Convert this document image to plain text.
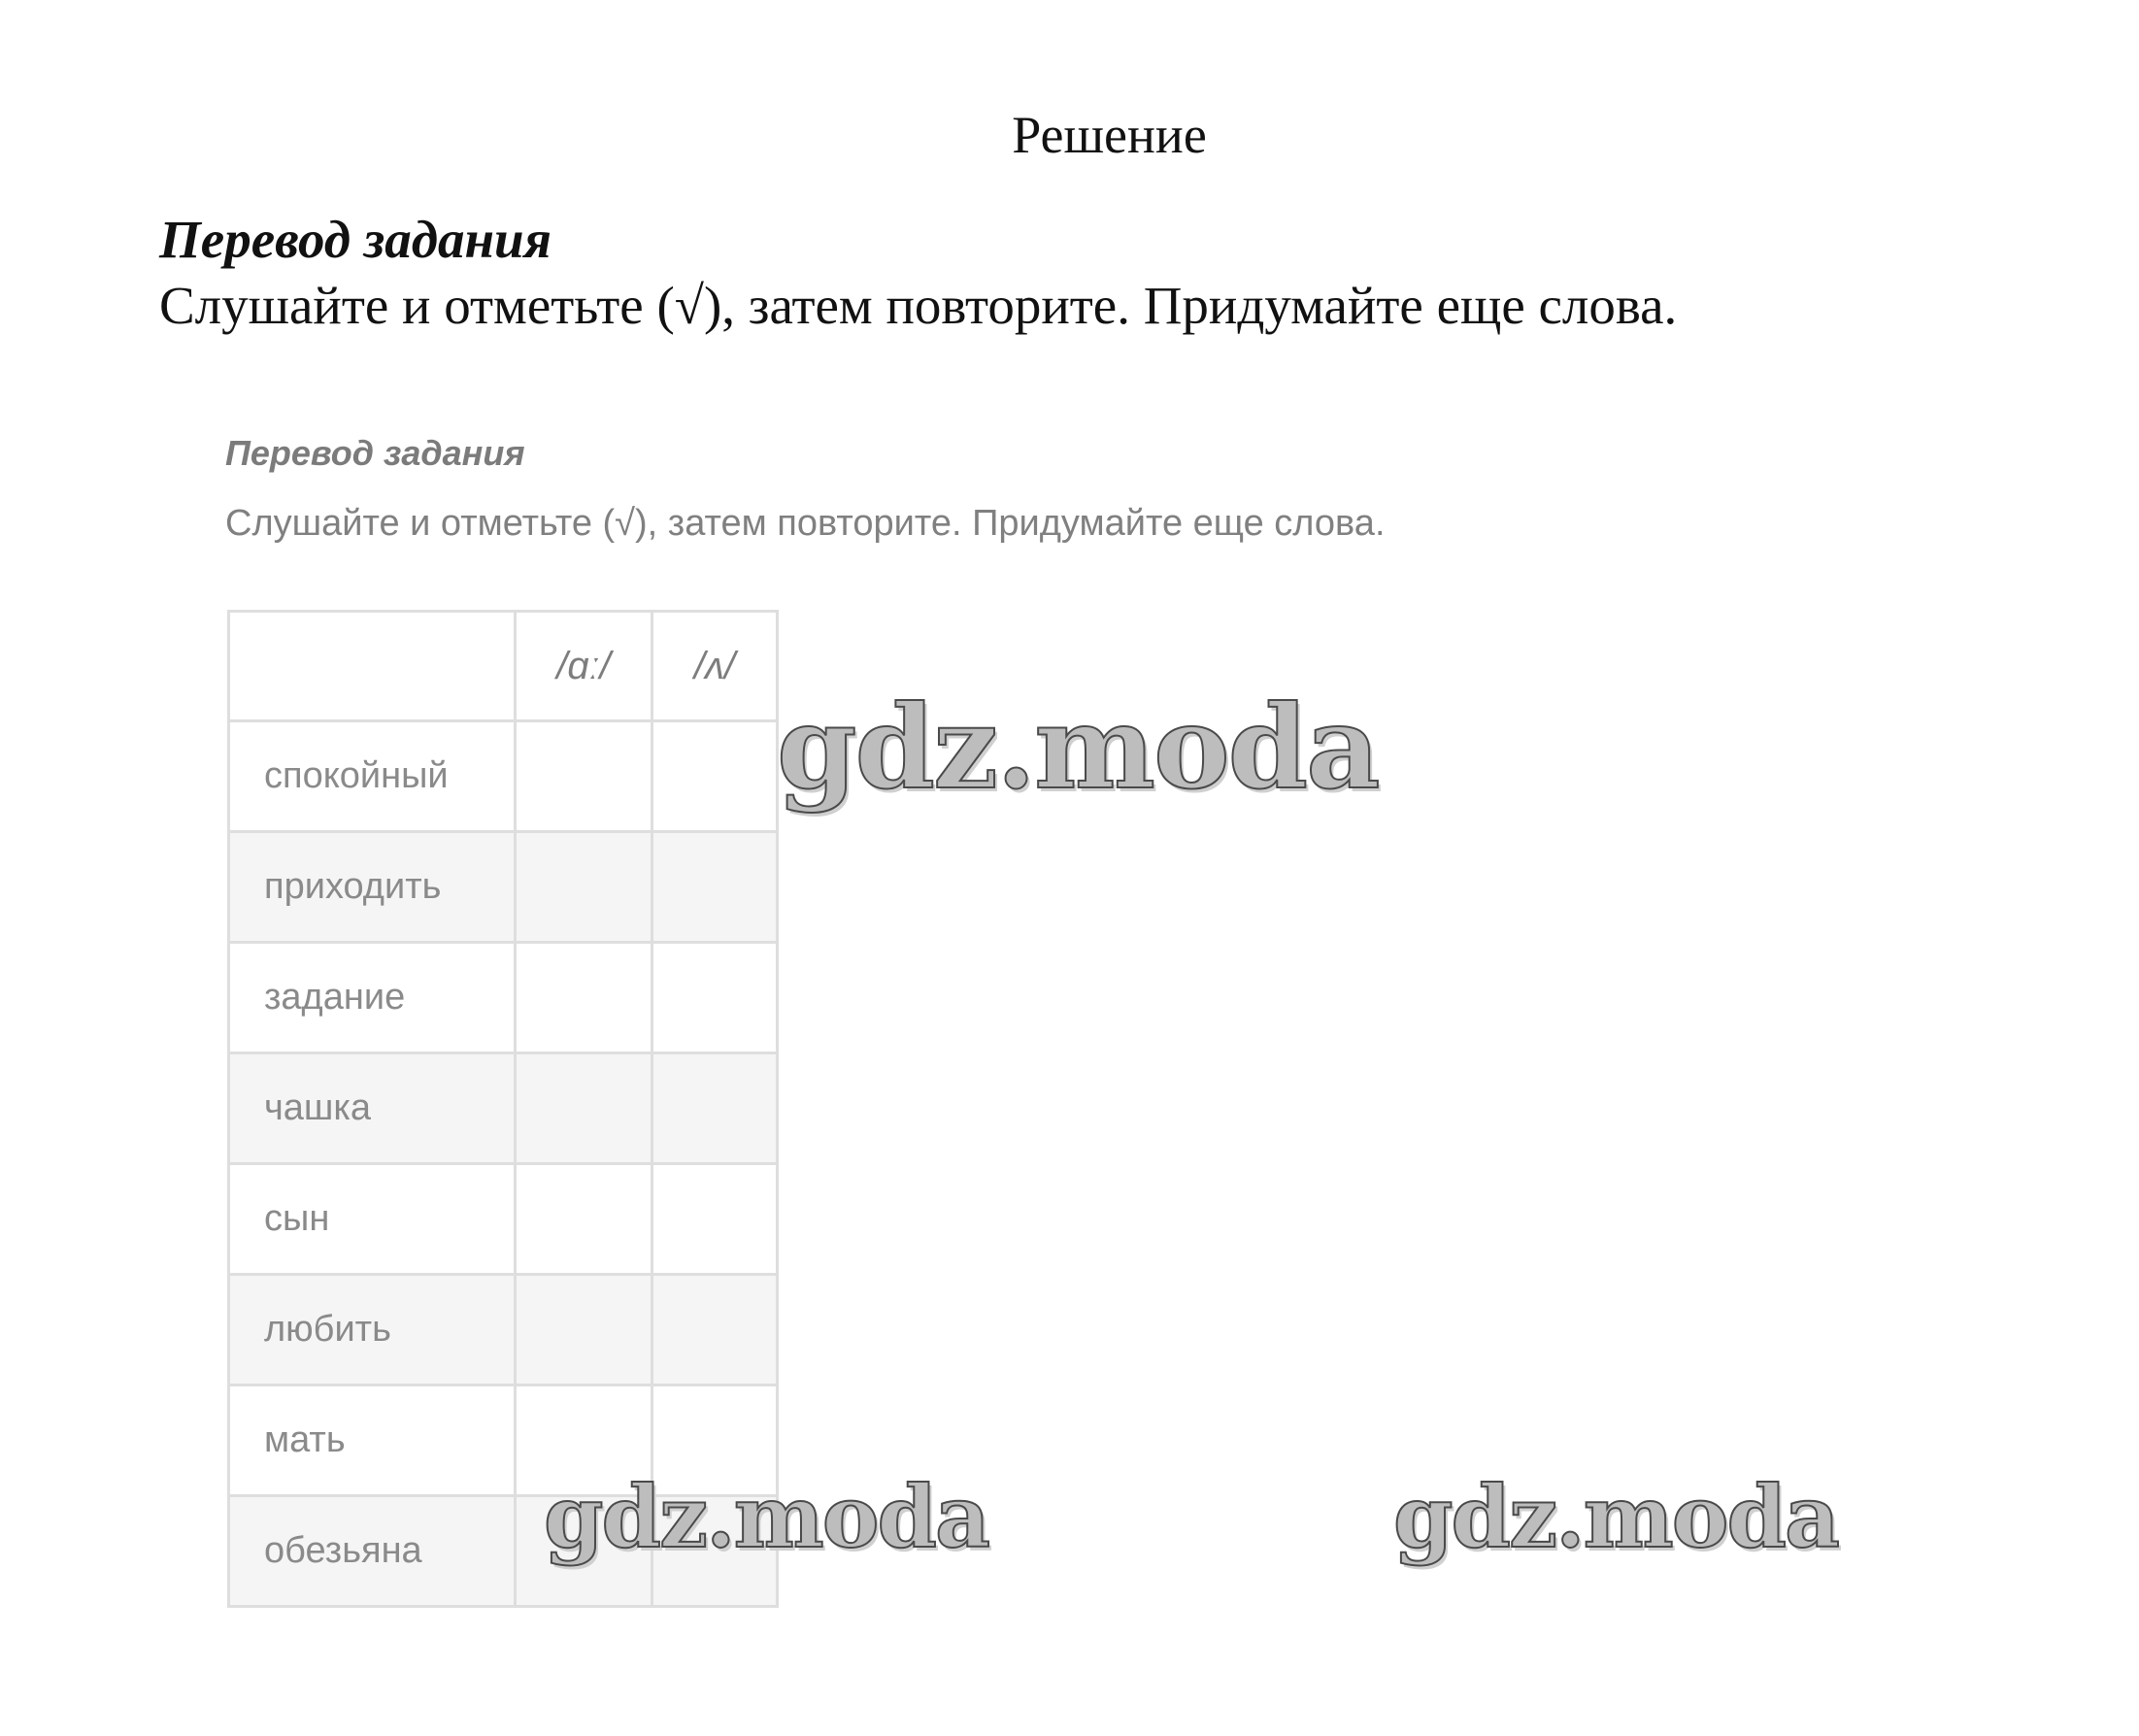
Решение
Перевод задания
Слушайте и отметьте (√), затем повторите. Придумайте еще слова.
Перевод задания
Слушайте и отметьте (√), затем повторите. Придумайте еще слова.
	/ɑː/	/ʌ/
спокойный		
приходить		
задание		
чашка		
сын		
любить		
мать		
обезьяна		
gdz.moda
gdz.moda	gdz.moda
